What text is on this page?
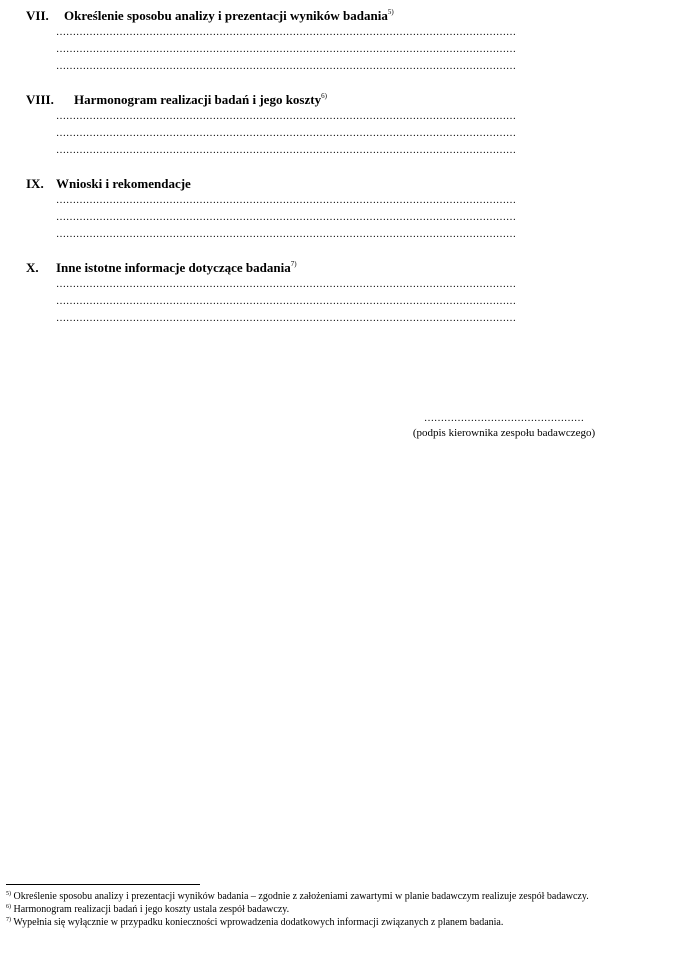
VII. Określenie sposobu analizy i prezentacji wyników badania$^{5)}$
…………………………………………………………………………………………………………………………
…………………………………………………………………………………………………………………………
…………………………………………………………………………………………………………………………
VIII. Harmonogram realizacji badań i jego koszty$^{6)}$
…………………………………………………………………………………………………………………………
…………………………………………………………………………………………………………………………
…………………………………………………………………………………………………………………………
IX. Wnioski i rekomendacje
…………………………………………………………………………………………………………………………
…………………………………………………………………………………………………………………………
…………………………………………………………………………………………………………………………
X. Inne istotne informacje dotyczące badania$^{7)}$
…………………………………………………………………………………………………………………………
…………………………………………………………………………………………………………………………
…………………………………………………………………………………………………………………………
…………………………………………
(podpis kierownika zespołu badawczego)

$^{5)}$ Określenie sposobu analizy i prezentacji wyników badania – zgodnie z założeniami zawartymi w planie badawczym realizuje zespół badawczy.

$^{6)}$ Harmonogram realizacji badań i jego koszty ustala zespół badawczy.

$^{7)}$ Wypełnia się wyłącznie w przypadku konieczności wprowadzenia dodatkowych informacji związanych z planem badania.
